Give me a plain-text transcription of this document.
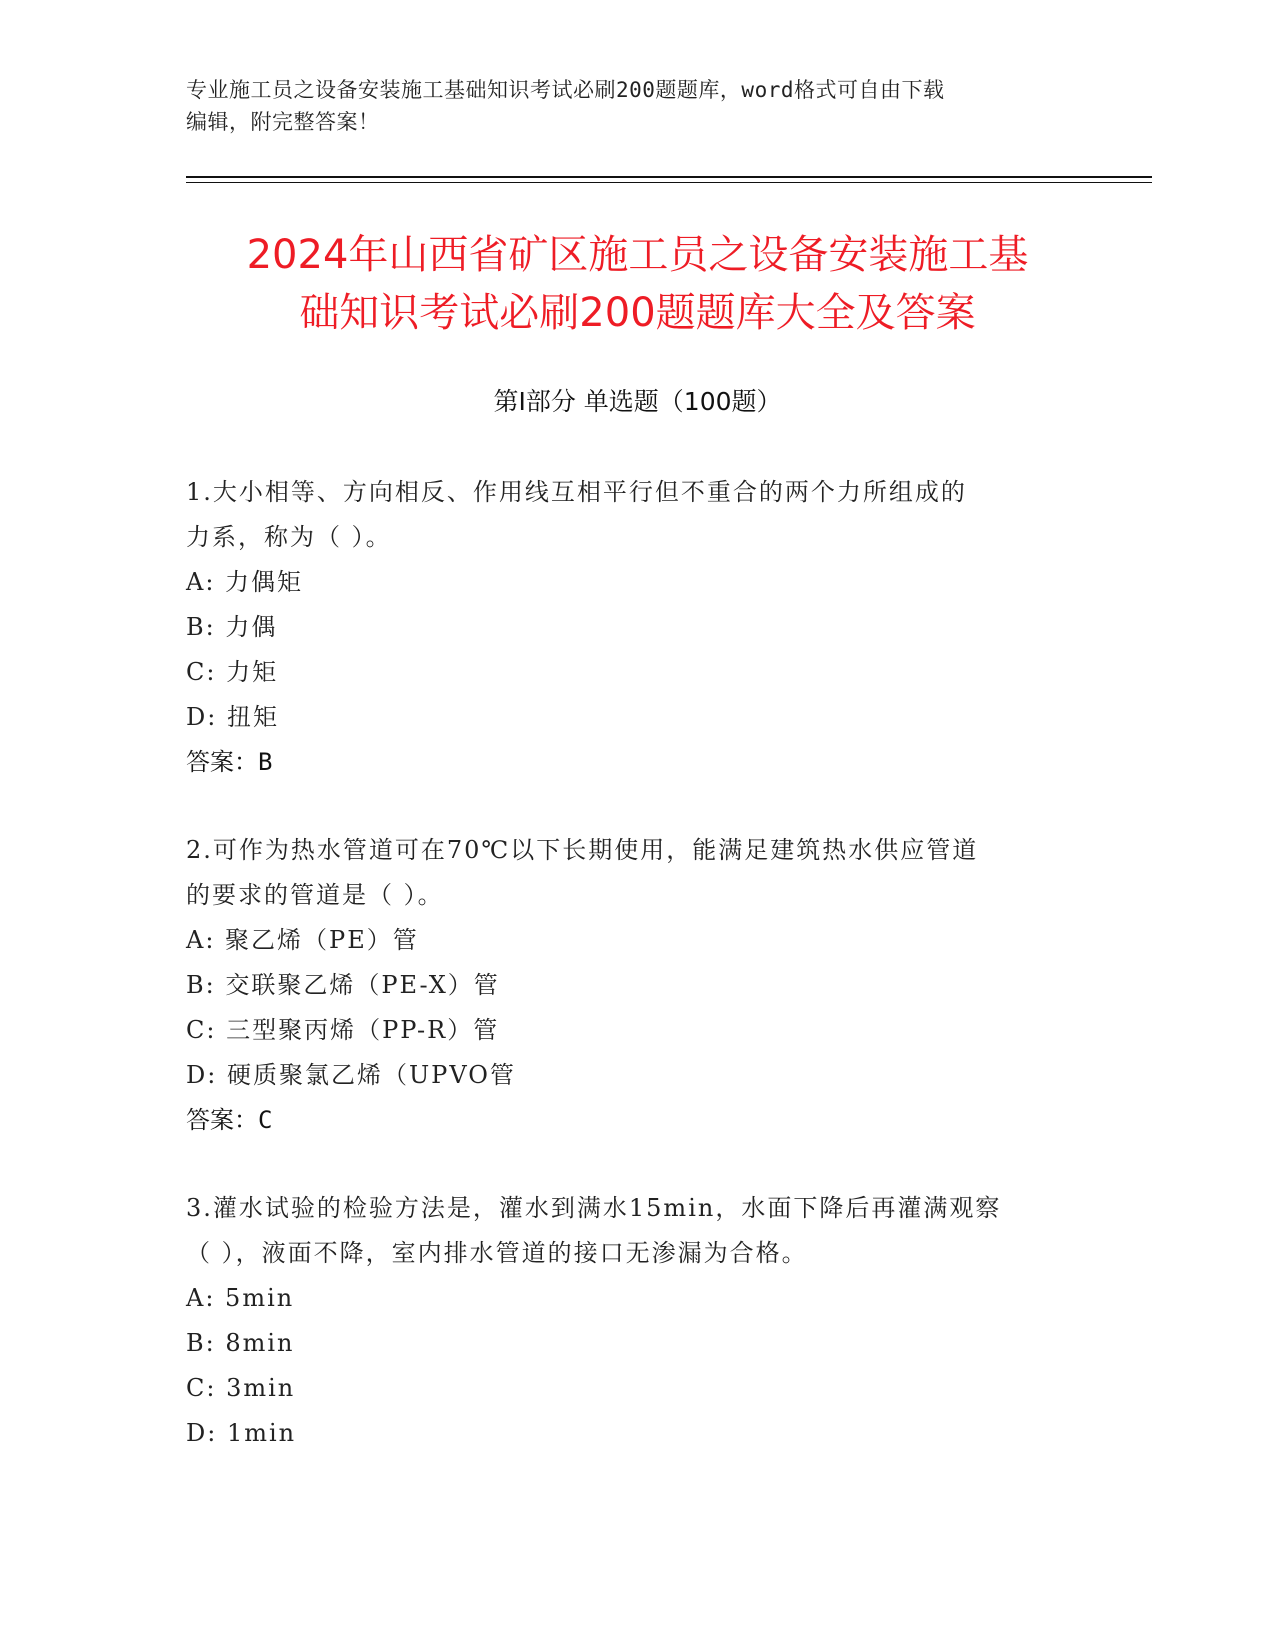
专业施工员之设备安装施工基础知识考试必刷200题题库，word格式可自由下载
编辑，附完整答案！
2024年山西省矿区施工员之设备安装施工基
础知识考试必刷200题题库大全及答案
第Ⅰ部分 单选题（100题）
1.大小相等、方向相反、作用线互相平行但不重合的两个力所组成的
力系，称为（ ）。
A: 力偶矩
B: 力偶
C: 力矩
D: 扭矩
答案：B
2.可作为热水管道可在70℃以下长期使用，能满足建筑热水供应管道
的要求的管道是（ ）。
A: 聚乙烯（PE）管
B: 交联聚乙烯（PE-X）管
C: 三型聚丙烯（PP-R）管
D: 硬质聚氯乙烯（UPVO管
答案：C
3.灌水试验的检验方法是，灌水到满水15min，水面下降后再灌满观察
（ ），液面不降，室内排水管道的接口无渗漏为合格。
A: 5min
B: 8min
C: 3min
D: 1min
